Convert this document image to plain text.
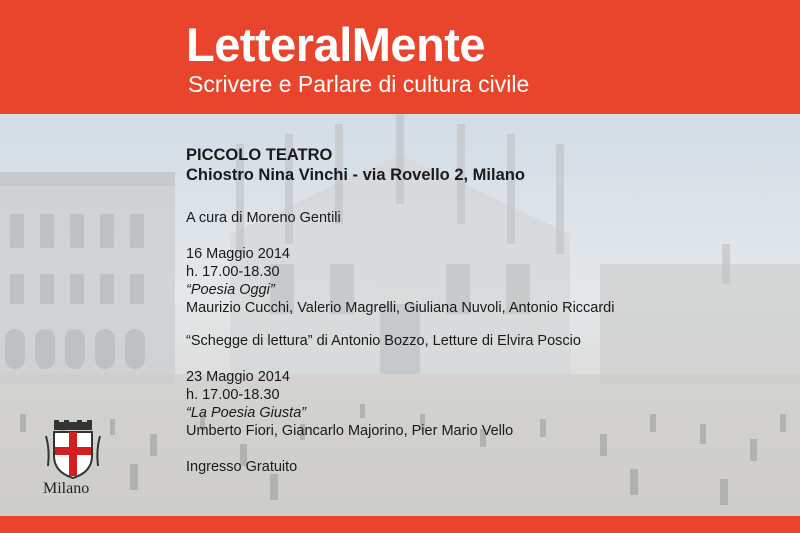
LetteralMente
Scrivere e Parlare di cultura civile
PICCOLO TEATRO
Chiostro Nina Vinchi - via Rovello 2, Milano
A cura di Moreno Gentili
16 Maggio 2014
h. 17.00-18.30
“Poesia Oggi”
Maurizio Cucchi, Valerio Magrelli, Giuliana Nuvoli, Antonio Riccardi
“Schegge di lettura” di Antonio Bozzo, Letture di Elvira Poscio
23 Maggio 2014
h. 17.00-18.30
“La Poesia Giusta”
Umberto Fiori, Giancarlo Majorino, Pier Mario Vello
Ingresso Gratuito
Milano
